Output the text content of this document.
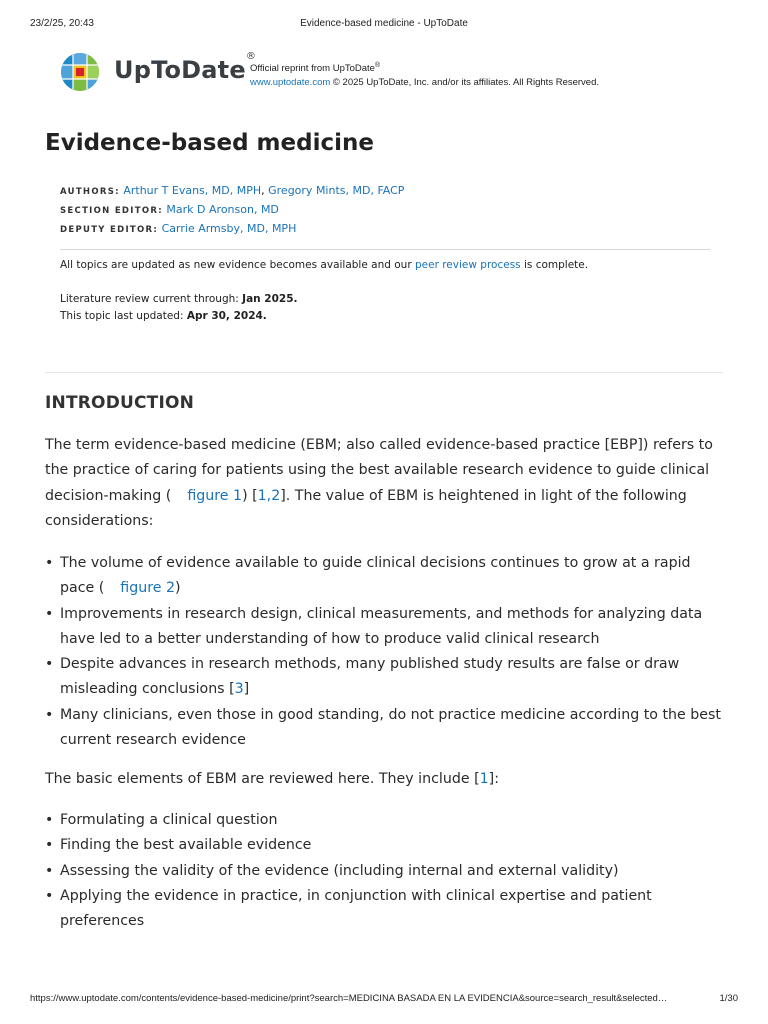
23/2/25, 20:43	Evidence-based medicine - UpToDate
UpToDate®
Official reprint from UpToDate®
www.uptodate.com © 2025 UpToDate, Inc. and/or its affiliates. All Rights Reserved.
Evidence-based medicine
AUTHORS: Arthur T Evans, MD, MPH, Gregory Mints, MD, FACP
SECTION EDITOR: Mark D Aronson, MD
DEPUTY EDITOR: Carrie Armsby, MD, MPH
All topics are updated as new evidence becomes available and our peer review process is complete.
Literature review current through: Jan 2025.
This topic last updated: Apr 30, 2024.
INTRODUCTION

The term evidence-based medicine (EBM; also called evidence-based practice [EBP]) refers to the practice of caring for patients using the best available research evidence to guide clinical decision-making ( figure 1) [1,2]. The value of EBM is heightened in light of the following considerations:

• The volume of evidence available to guide clinical decisions continues to grow at a rapid pace ( figure 2)
• Improvements in research design, clinical measurements, and methods for analyzing data have led to a better understanding of how to produce valid clinical research
• Despite advances in research methods, many published study results are false or draw misleading conclusions [3]
• Many clinicians, even those in good standing, do not practice medicine according to the best current research evidence

The basic elements of EBM are reviewed here. They include [1]:

• Formulating a clinical question
• Finding the best available evidence
• Assessing the validity of the evidence (including internal and external validity)
• Applying the evidence in practice, in conjunction with clinical expertise and patient preferences
https://www.uptodate.com/contents/evidence-based-medicine/print?search=MEDICINA BASADA EN LA EVIDENCIA&source=search_result&selected…	1/30
